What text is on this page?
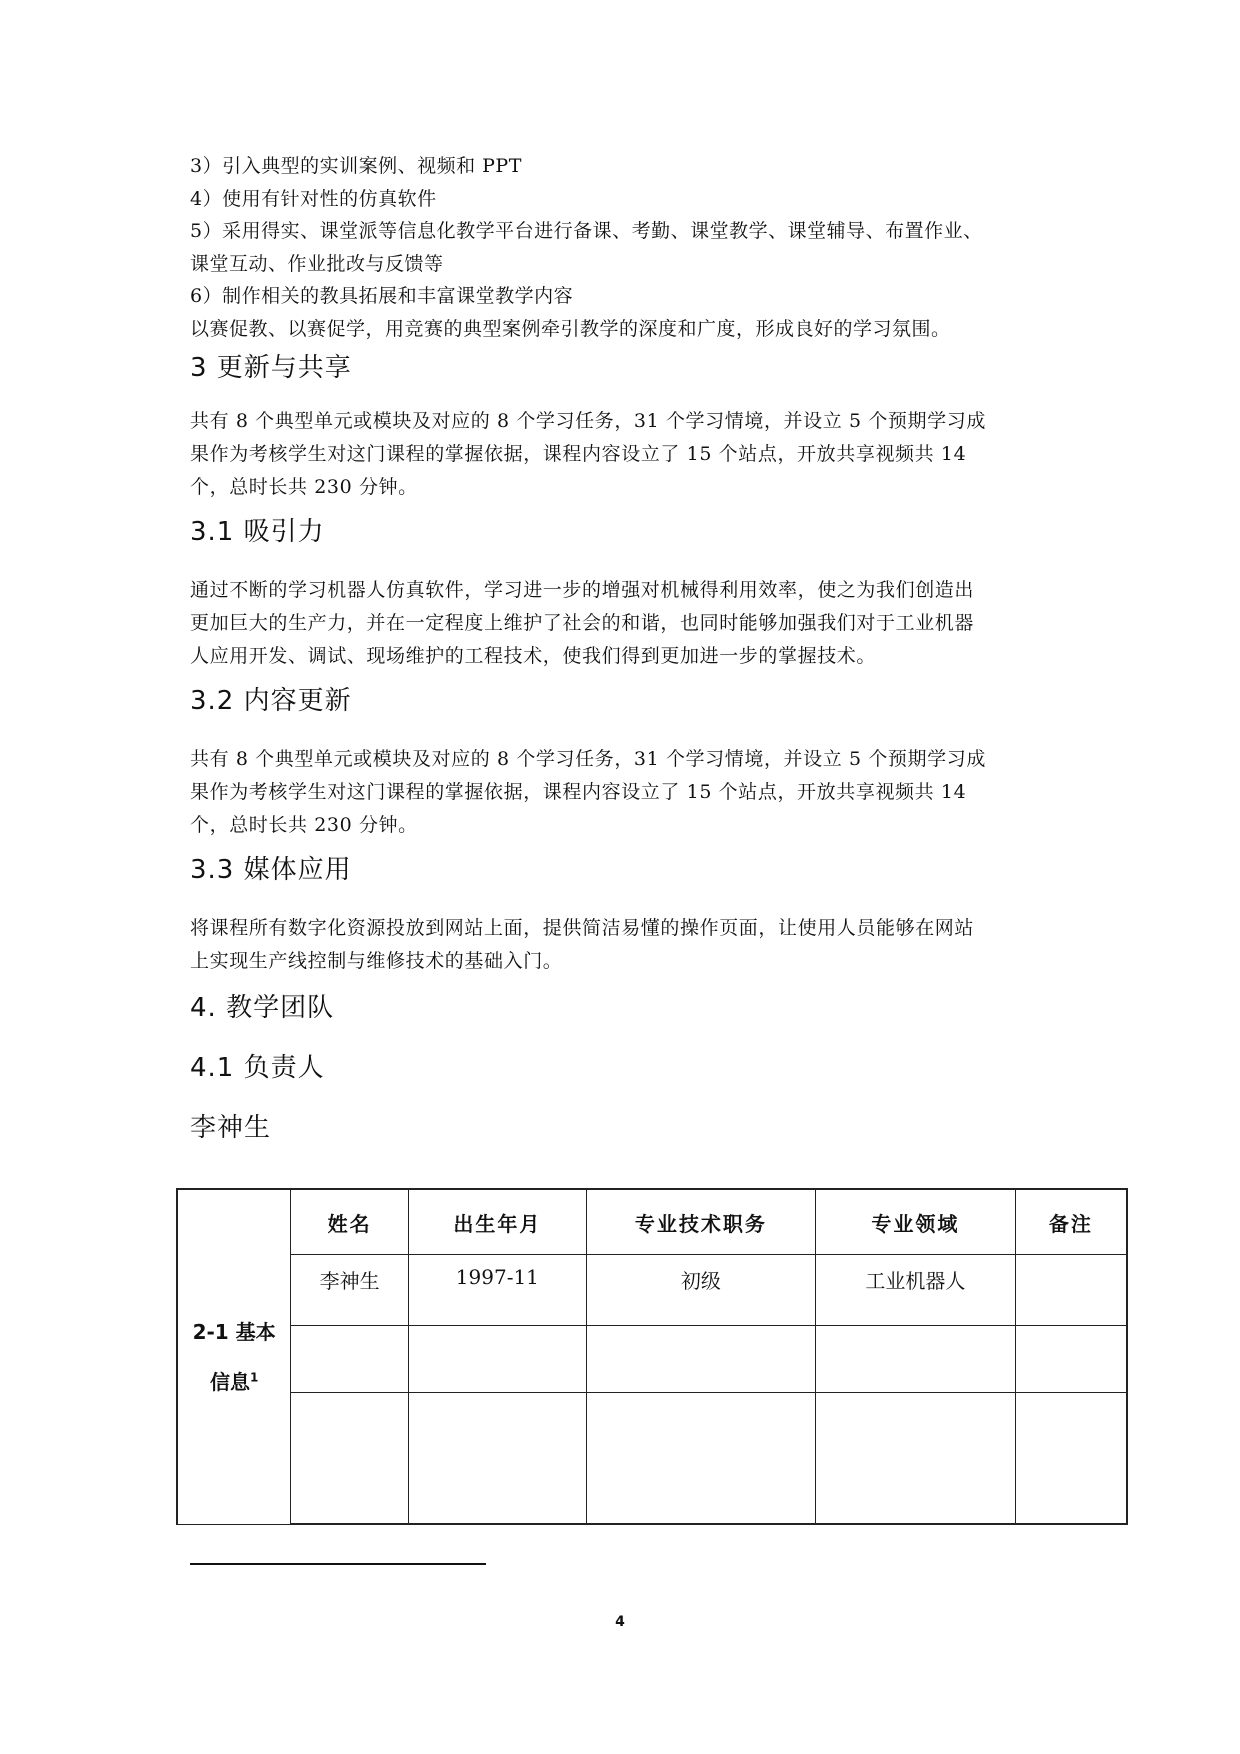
3）引入典型的实训案例、视频和 PPT

4）使用有针对性的仿真软件

5）采用得实、课堂派等信息化教学平台进行备课、考勤、课堂教学、课堂辅导、布置作业、

课堂互动、作业批改与反馈等

6）制作相关的教具拓展和丰富课堂教学内容

以赛促教、以赛促学，用竞赛的典型案例牵引教学的深度和广度，形成良好的学习氛围。

3 更新与共享

共有 8 个典型单元或模块及对应的 8 个学习任务，31 个学习情境，并设立 5 个预期学习成

果作为考核学生对这门课程的掌握依据，课程内容设立了 15 个站点，开放共享视频共 14

个，总时长共 230 分钟。

3.1 吸引力

通过不断的学习机器人仿真软件，学习进一步的增强对机械得利用效率，使之为我们创造出

更加巨大的生产力，并在一定程度上维护了社会的和谐，也同时能够加强我们对于工业机器

人应用开发、调试、现场维护的工程技术，使我们得到更加进一步的掌握技术。

3.2 内容更新

共有 8 个典型单元或模块及对应的 8 个学习任务，31 个学习情境，并设立 5 个预期学习成

果作为考核学生对这门课程的掌握依据，课程内容设立了 15 个站点，开放共享视频共 14

个，总时长共 230 分钟。

3.3 媒体应用

将课程所有数字化资源投放到网站上面，提供简洁易懂的操作页面，让使用人员能够在网站

上实现生产线控制与维修技术的基础入门。

4. 教学团队
4.1 负责人
李神生
2-1 基本
信息$^1$	姓名	出生年月	专业技术职务	专业领域	备注
	李神生	1997-11	初级	工业机器人	

4
